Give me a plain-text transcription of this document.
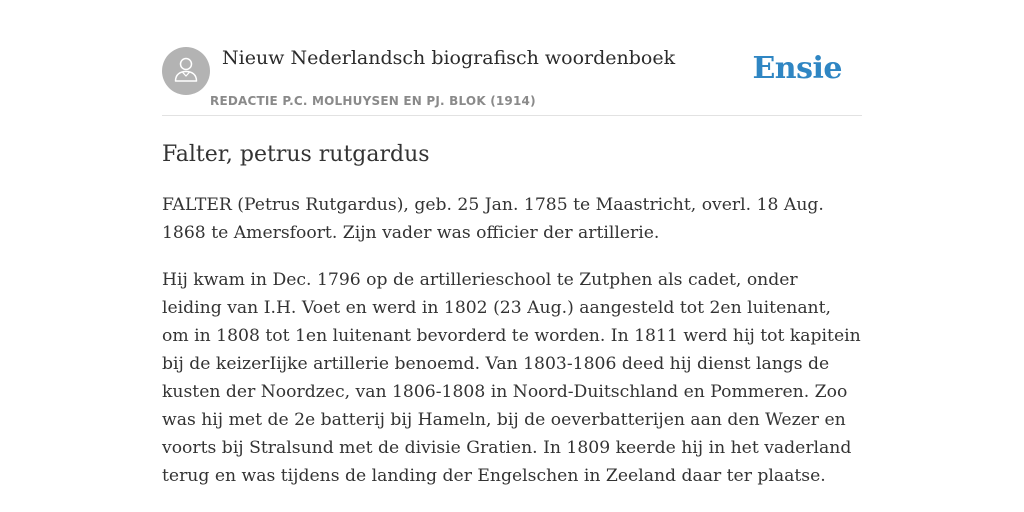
Nieuw Nederlandsch biografisch woordenboek
REDACTIE P.C. MOLHUYSEN EN PJ. BLOK (1914)
Ensie
Falter, petrus rutgardus

FALTER (Petrus Rutgardus), geb. 25 Jan. 1785 te Maastricht, overl. 18 Aug. 1868 te Amersfoort. Zijn vader was officier der artillerie.

Hij kwam in Dec. 1796 op de artillerieschool te Zutphen als cadet, onder leiding van I.H. Voet en werd in 1802 (23 Aug.) aangesteld tot 2en luitenant, om in 1808 tot 1en luitenant bevorderd te worden. In 1811 werd hij tot kapitein bij de keizerIijke artillerie benoemd. Van 1803-1806 deed hij dienst langs de kusten der Noordzec, van 1806-1808 in Noord-Duitschland en Pommeren. Zoo was hij met de 2e batterij bij Hameln, bij de oeverbatterijen aan den Wezer en voorts bij Stralsund met de divisie Gratien. In 1809 keerde hij in het vaderland terug en was tijdens de landing der Engelschen in Zeeland daar ter plaatse.
